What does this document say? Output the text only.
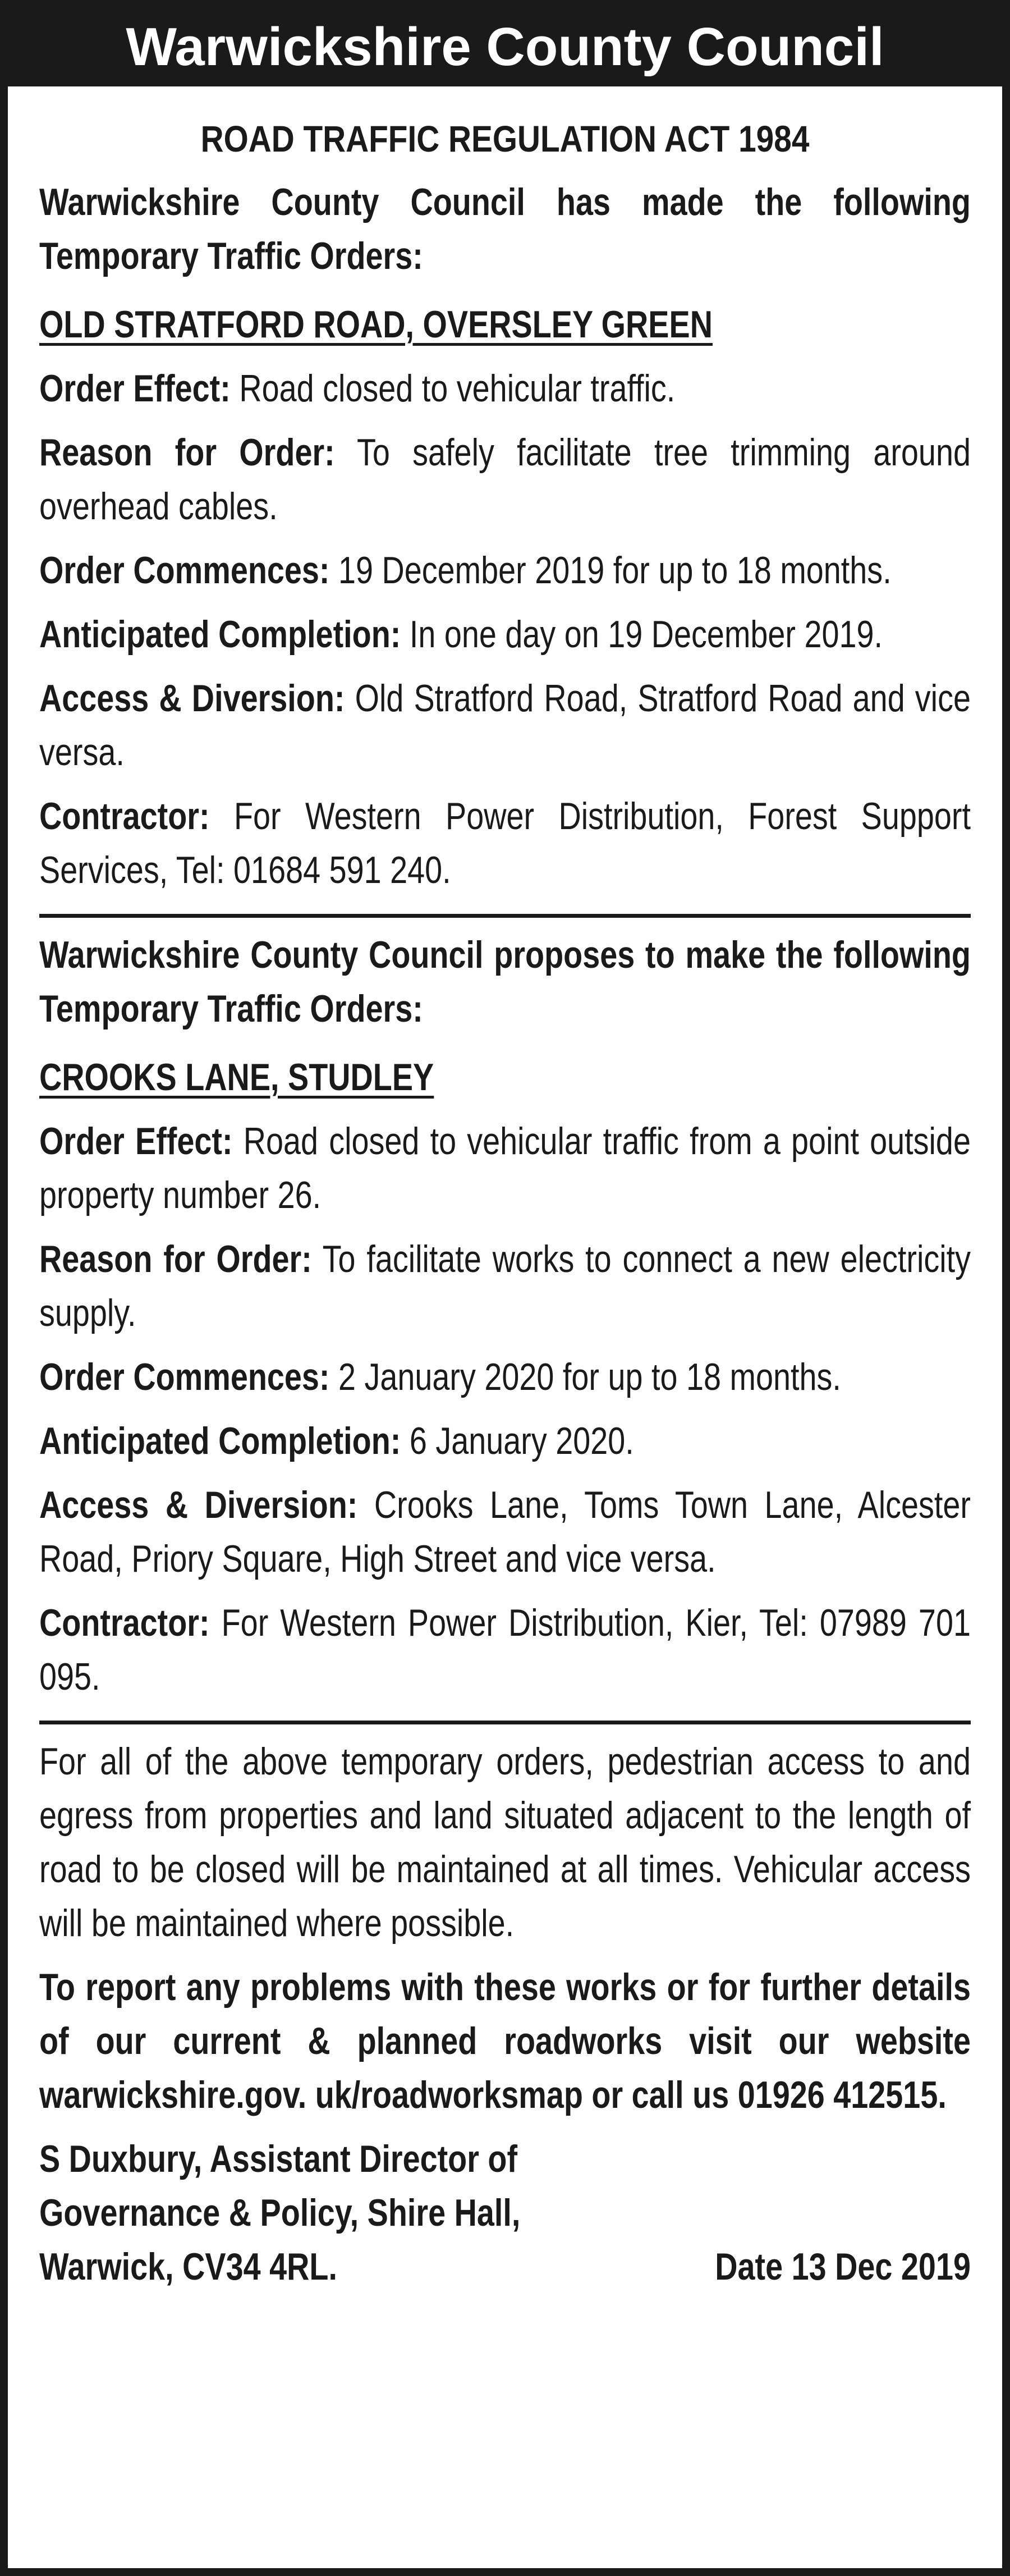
Warwickshire County Council
ROAD TRAFFIC REGULATION ACT 1984
Warwickshire County Council has made the following Temporary Traffic Orders:
OLD STRATFORD ROAD, OVERSLEY GREEN
Order Effect: Road closed to vehicular traffic.
Reason for Order: To safely facilitate tree trimming around overhead cables.
Order Commences: 19 December 2019 for up to 18 months.
Anticipated Completion: In one day on 19 December 2019.
Access & Diversion: Old Stratford Road, Stratford Road and vice versa.
Contractor: For Western Power Distribution, Forest Support Services, Tel: 01684 591 240.
Warwickshire County Council proposes to make the following Temporary Traffic Orders:
CROOKS LANE, STUDLEY
Order Effect: Road closed to vehicular traffic from a point outside property number 26.
Reason for Order: To facilitate works to connect a new electricity supply.
Order Commences: 2 January 2020 for up to 18 months.
Anticipated Completion: 6 January 2020.
Access & Diversion: Crooks Lane, Toms Town Lane, Alcester Road, Priory Square, High Street and vice versa.
Contractor: For Western Power Distribution, Kier, Tel: 07989 701 095.
For all of the above temporary orders, pedestrian access to and egress from properties and land situated adjacent to the length of road to be closed will be maintained at all times. Vehicular access will be maintained where possible.
To report any problems with these works or for further details of our current & planned roadworks visit our website warwickshire.gov. uk/roadworksmap or call us 01926 412515.
S Duxbury, Assistant Director of
Governance & Policy, Shire Hall,

Warwick, CV34 4RL.	Date 13 Dec 2019
